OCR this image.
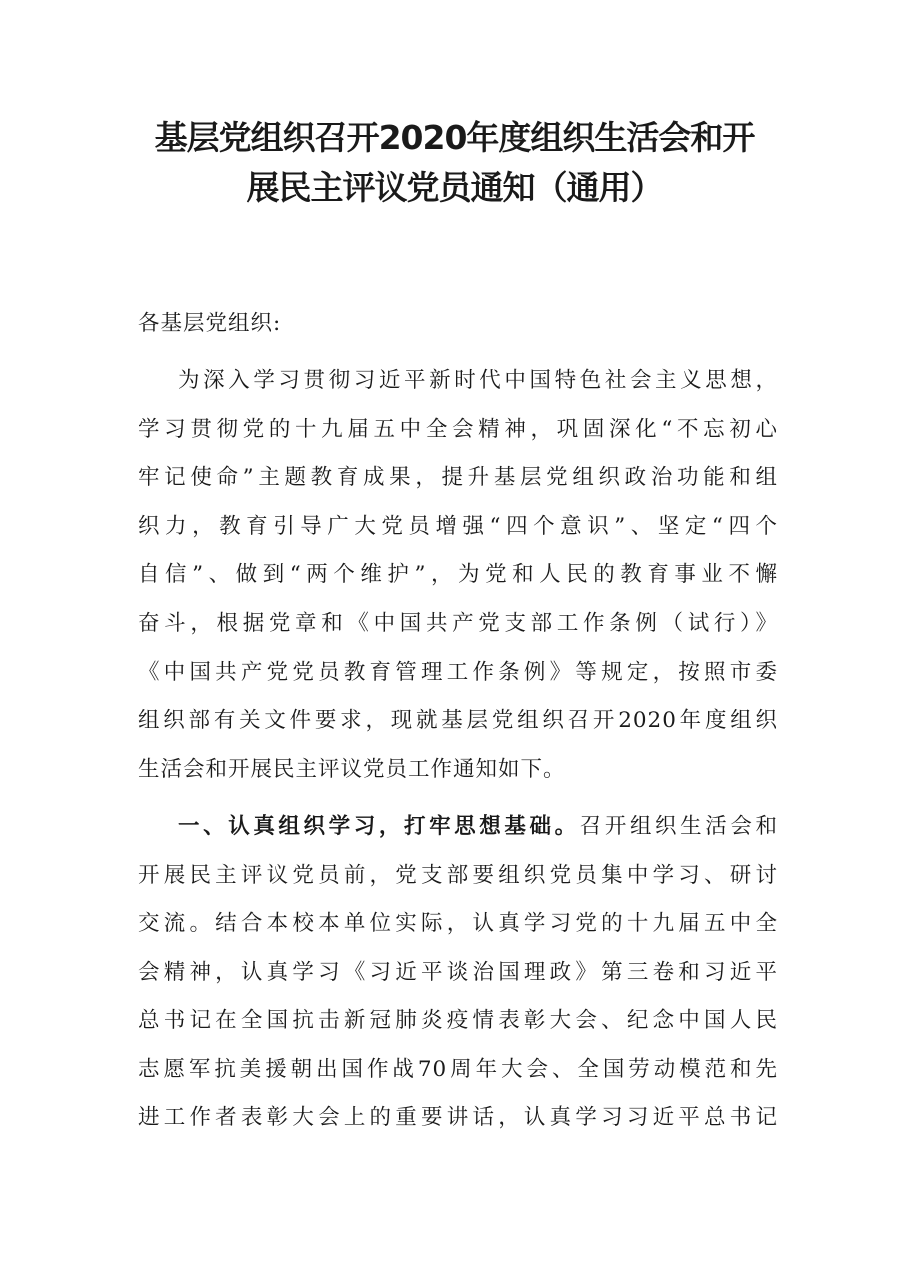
基层党组织召开2020年度组织生活会和开
展民主评议党员通知（通用）
各基层党组织:
为深入学习贯彻习近平新时代中国特色社会主义思想，
学习贯彻党的十九届五中全会精神，巩固深化“不忘初心
牢记使命”主题教育成果，提升基层党组织政治功能和组
织力，教育引导广大党员增强“四个意识”、坚定“四个
自信”、做到“两个维护”，为党和人民的教育事业不懈
奋斗，根据党章和《中国共产党支部工作条例（试行）》
《中国共产党党员教育管理工作条例》等规定，按照市委
组织部有关文件要求，现就基层党组织召开2020年度组织
生活会和开展民主评议党员工作通知如下。
一、认真组织学习，打牢思想基础。召开组织生活会和
开展民主评议党员前，党支部要组织党员集中学习、研讨
交流。结合本校本单位实际，认真学习党的十九届五中全
会精神，认真学习《习近平谈治国理政》第三卷和习近平
总书记在全国抗击新冠肺炎疫情表彰大会、纪念中国人民
志愿军抗美援朝出国作战70周年大会、全国劳动模范和先
进工作者表彰大会上的重要讲话，认真学习习近平总书记
